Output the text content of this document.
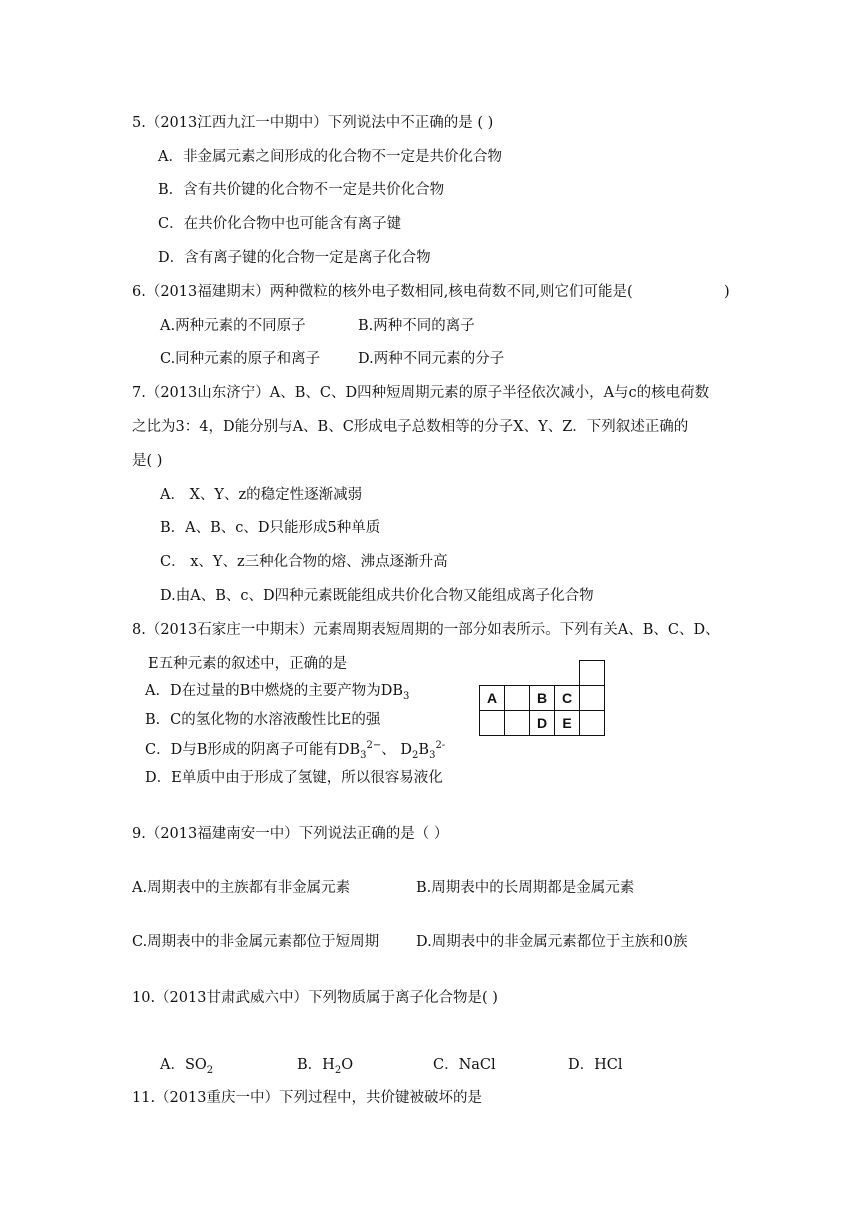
5.（2013江西九江一中期中）下列说法中不正确的是 ( )
A．非金属元素之间形成的化合物不一定是共价化合物
B．含有共价键的化合物不一定是共价化合物
C．在共价化合物中也可能含有离子键
D．含有离子键的化合物一定是离子化合物
6.（2013福建期末）两种微粒的核外电子数相同,核电荷数不同,则它们可能是(	)
A.两种元素的不同原子	B.两种不同的离子
C.同种元素的原子和离子	D.两种不同元素的分子
7.（2013山东济宁）A、B、C、D四种短周期元素的原子半径依次减小，A与c的核电荷数
之比为3：4，D能分别与A、B、C形成电子总数相等的分子X、Y、Z．下列叙述正确的
是( )
A． X、Y、z的稳定性逐渐减弱
B．A、B、c、D只能形成5种单质
C． x、Y、z三种化合物的熔、沸点逐渐升高
D.由A、B、c、D四种元素既能组成共价化合物又能组成离子化合物
8.（2013石家庄一中期末）元素周期表短周期的一部分如表所示。下列有关A、B、C、D、
E五种元素的叙述中，正确的是
A．D在过量的B中燃烧的主要产物为$DB_3$
B．C的氢化物的水溶液酸性比E的强
C．D与B形成的阴离子可能有$DB_3^{2-}$、 $D_2B_3^{2-}$
D．E单质中由于形成了氢键，所以很容易液化

A		B	C	
		D	E	
9.（2013福建南安一中）下列说法正确的是（ ）
A.周期表中的主族都有非金属元素	B.周期表中的长周期都是金属元素
C.周期表中的非金属元素都位于短周期	D.周期表中的非金属元素都位于主族和0族
10.（2013甘肃武威六中）下列物质属于离子化合物是( )
A．$SO_2$	B．$H_2O$	C．NaCl	D．HCl
11.（2013重庆一中）下列过程中，共价键被破坏的是
